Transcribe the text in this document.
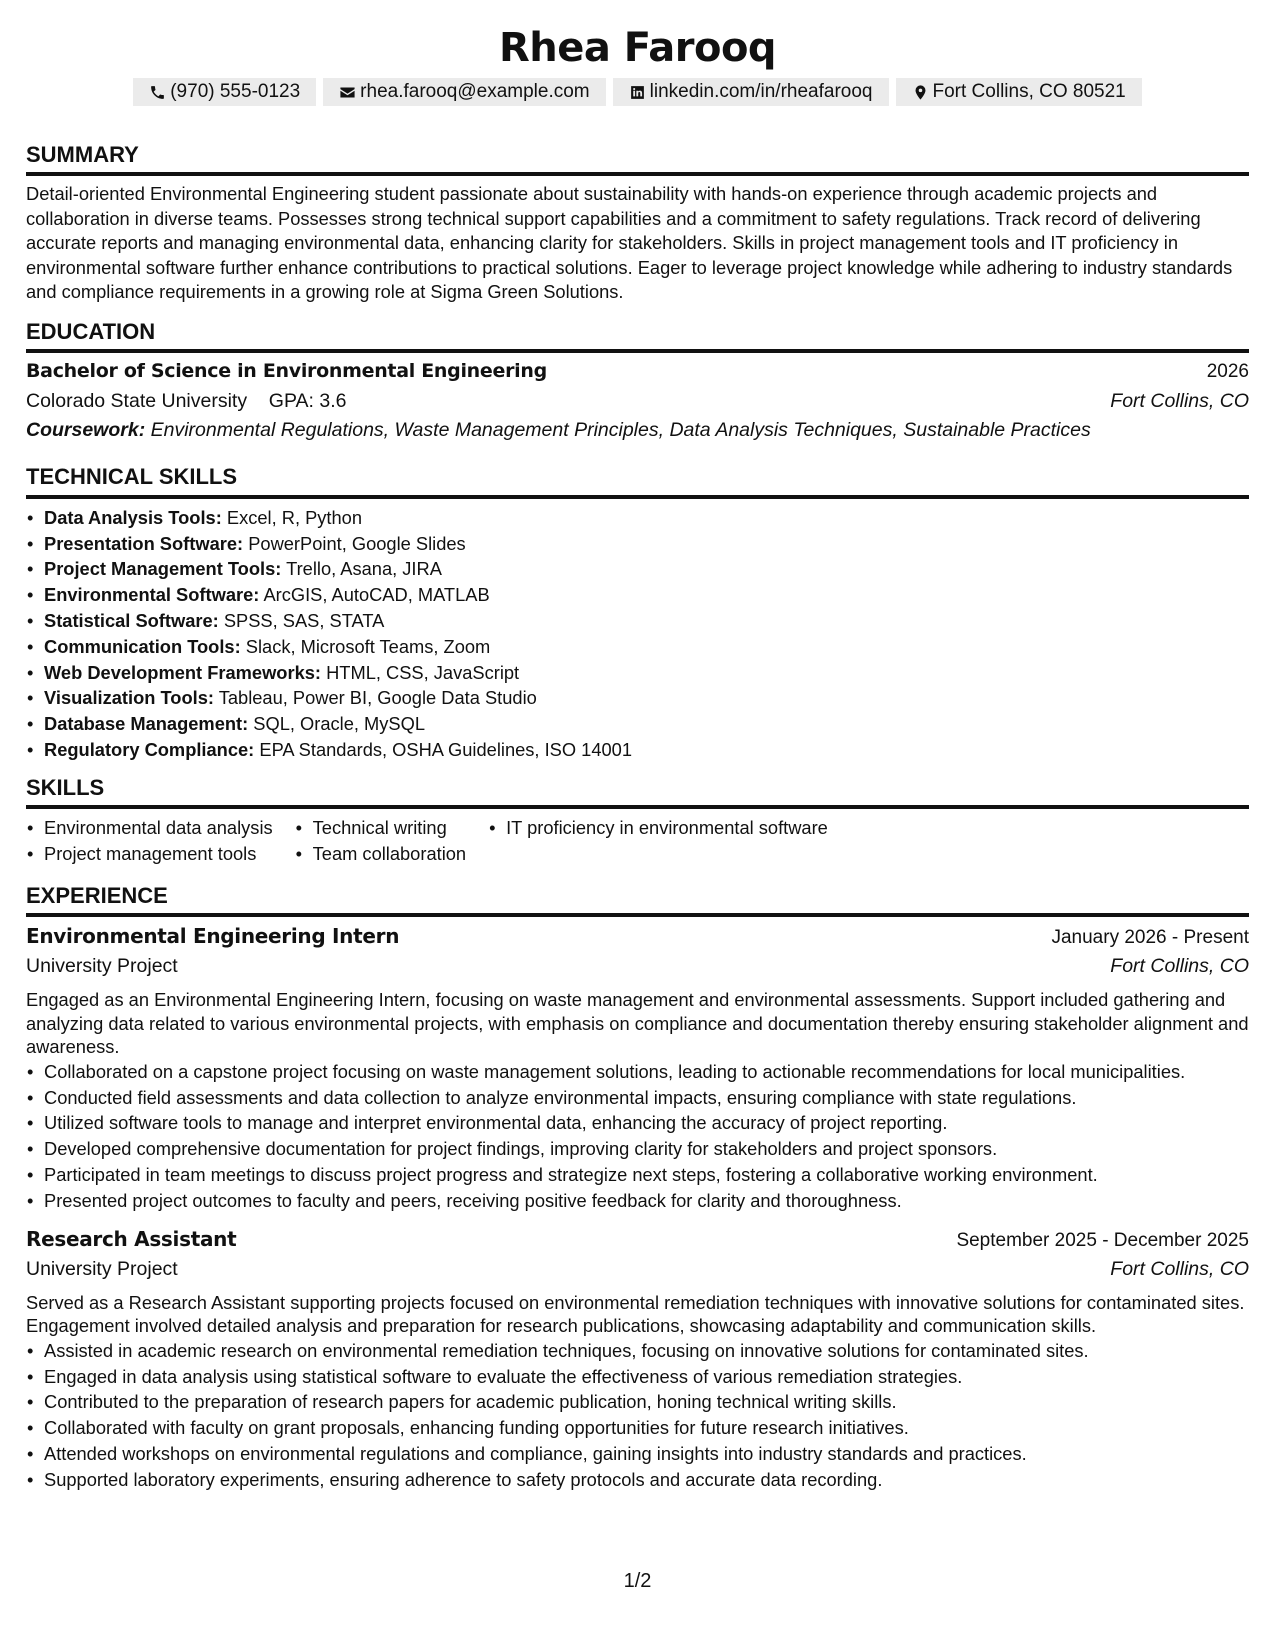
Rhea Farooq
(970) 555-0123	rhea.farooq@example.com	linkedin.com/in/rheafarooq	Fort Collins, CO 80521
SUMMARY

Detail-oriented Environmental Engineering student passionate about sustainability with hands-on experience through academic projects and collaboration in diverse teams. Possesses strong technical support capabilities and a commitment to safety regulations. Track record of delivering accurate reports and managing environmental data, enhancing clarity for stakeholders. Skills in project management tools and IT proficiency in environmental software further enhance contributions to practical solutions. Eager to leverage project knowledge while adhering to industry standards and compliance requirements in a growing role at Sigma Green Solutions.

EDUCATION
Bachelor of Science in Environmental Engineering	2026
Colorado State University GPA: 3.6	Fort Collins, CO
Coursework: Environmental Regulations, Waste Management Principles, Data Analysis Techniques, Sustainable Practices
TECHNICAL SKILLS
• Data Analysis Tools: Excel, R, Python
• Presentation Software: PowerPoint, Google Slides
• Project Management Tools: Trello, Asana, JIRA
• Environmental Software: ArcGIS, AutoCAD, MATLAB
• Statistical Software: SPSS, SAS, STATA
• Communication Tools: Slack, Microsoft Teams, Zoom
• Web Development Frameworks: HTML, CSS, JavaScript
• Visualization Tools: Tableau, Power BI, Google Data Studio
• Database Management: SQL, Oracle, MySQL
• Regulatory Compliance: EPA Standards, OSHA Guidelines, ISO 14001
SKILLS
• Environmental data analysis
• Project management tools
• Technical writing
• Team collaboration
• IT proficiency in environmental software
EXPERIENCE
Environmental Engineering Intern	January 2026 - Present
University Project	Fort Collins, CO

Engaged as an Environmental Engineering Intern, focusing on waste management and environmental assessments. Support included gathering and analyzing data related to various environmental projects, with emphasis on compliance and documentation thereby ensuring stakeholder alignment and awareness.

• Collaborated on a capstone project focusing on waste management solutions, leading to actionable recommendations for local municipalities.
• Conducted field assessments and data collection to analyze environmental impacts, ensuring compliance with state regulations.
• Utilized software tools to manage and interpret environmental data, enhancing the accuracy of project reporting.
• Developed comprehensive documentation for project findings, improving clarity for stakeholders and project sponsors.
• Participated in team meetings to discuss project progress and strategize next steps, fostering a collaborative working environment.
• Presented project outcomes to faculty and peers, receiving positive feedback for clarity and thoroughness.
Research Assistant	September 2025 - December 2025
University Project	Fort Collins, CO

Served as a Research Assistant supporting projects focused on environmental remediation techniques with innovative solutions for contaminated sites. Engagement involved detailed analysis and preparation for research publications, showcasing adaptability and communication skills.

• Assisted in academic research on environmental remediation techniques, focusing on innovative solutions for contaminated sites.
• Engaged in data analysis using statistical software to evaluate the effectiveness of various remediation strategies.
• Contributed to the preparation of research papers for academic publication, honing technical writing skills.
• Collaborated with faculty on grant proposals, enhancing funding opportunities for future research initiatives.
• Attended workshops on environmental regulations and compliance, gaining insights into industry standards and practices.
• Supported laboratory experiments, ensuring adherence to safety protocols and accurate data recording.
1/2
